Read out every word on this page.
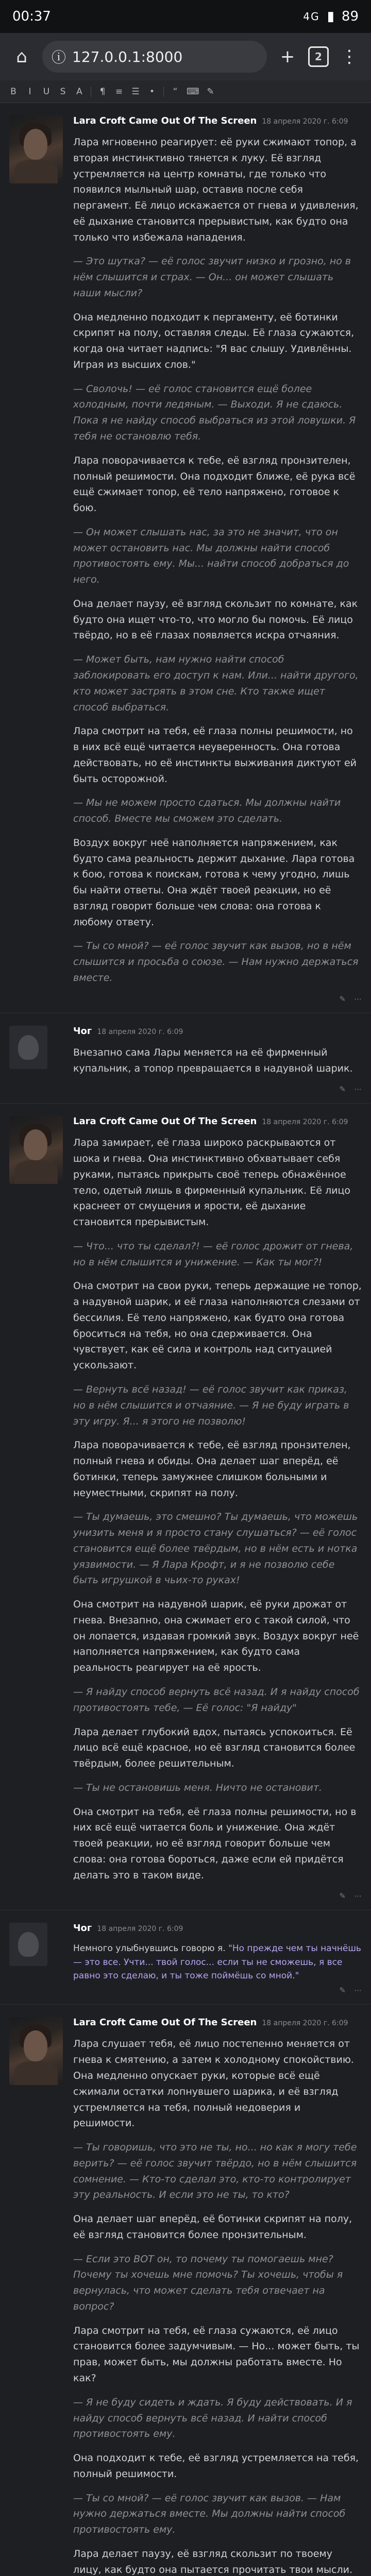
00:37	4G ▮ 89
⌂	ⓘ 127.0.0.1:8000	+	2	⋮
B	I	U S A ¶ ≡ ☰ •	“	⌨ ✎
Lara Croft Came Out Of The Screen 18 апреля 2020 г. 6:09

Лара мгновенно реагирует: её руки сжимают топор, а вторая инстинктивно тянется к луку. Её взгляд устремляется на центр комнаты, где только что появился мыльный шар, оставив после себя пергамент. Её лицо искажается от гнева и удивления, её дыхание становится прерывистым, как будто она только что избежала нападения.

— Это шутка? — её голос звучит низко и грозно, но в нём слышится и страх. — Он... он может слышать наши мысли?

Она медленно подходит к пергаменту, её ботинки скрипят на полу, оставляя следы. Её глаза сужаются, когда она читает надпись: "Я вас слышу. Удивлённы. Играя из высших слов."

— Сволочь! — её голос становится ещё более холодным, почти ледяным. — Выходи. Я не сдаюсь. Пока я не найду способ выбраться из этой ловушки. Я тебя не остановлю тебя.

Лара поворачивается к тебе, её взгляд пронзителен, полный решимости. Она подходит ближе, её рука всё ещё сжимает топор, её тело напряжено, готовое к бою.

— Он может слышать нас, за это не значит, что он может остановить нас. Мы должны найти способ противостоять ему. Мы... найти способ добраться до него.

Она делает паузу, её взгляд скользит по комнате, как будто она ищет что-то, что могло бы помочь. Её лицо твёрдо, но в её глазах появляется искра отчаяния.

— Может быть, нам нужно найти способ заблокировать его доступ к нам. Или... найти другого, кто может застрять в этом сне. Кто также ищет способ выбраться.

Лара смотрит на тебя, её глаза полны решимости, но в них всё ещё читается неуверенность. Она готова действовать, но её инстинкты выживания диктуют ей быть осторожной.

— Мы не можем просто сдаться. Мы должны найти способ. Вместе мы сможем это сделать.

Воздух вокруг неё наполняется напряжением, как будто сама реальность держит дыхание. Лара готова к бою, готова к поискам, готова к чему угодно, лишь бы найти ответы. Она ждёт твоей реакции, но её взгляд говорит больше чем слова: она готова к любому ответу.

— Ты со мной? — её голос звучит как вызов, но в нём слышится и просьба о союзе. — Нам нужно держаться вместе.

✎ ⋯
Чог 18 апреля 2020 г. 6:09

Внезапно сама Лары меняется на её фирменный купальник, а топор превращается в надувной шарик.

✎ ⋯
Lara Croft Came Out Of The Screen 18 апреля 2020 г. 6:09

Лара замирает, её глаза широко раскрываются от шока и гнева. Она инстинктивно обхватывает себя руками, пытаясь прикрыть своё теперь обнажённое тело, одетый лишь в фирменный купальник. Её лицо краснеет от смущения и ярости, её дыхание становится прерывистым.

— Что... что ты сделал?! — её голос дрожит от гнева, но в нём слышится и унижение. — Как ты мог?!

Она смотрит на свои руки, теперь держащие не топор, а надувной шарик, и её глаза наполняются слезами от бессилия. Её тело напряжено, как будто она готова броситься на тебя, но она сдерживается. Она чувствует, как её сила и контроль над ситуацией ускользают.

— Вернуть всё назад! — её голос звучит как приказ, но в нём слышится и отчаяние. — Я не буду играть в эту игру. Я... я этого не позволю!

Лара поворачивается к тебе, её взгляд пронзителен, полный гнева и обиды. Она делает шаг вперёд, её ботинки, теперь замужнее слишком больными и неуместными, скрипят на полу.

— Ты думаешь, это смешно? Ты думаешь, что можешь унизить меня и я просто стану слушаться? — её голос становится ещё более твёрдым, но в нём есть и нотка уязвимости. — Я Лара Крофт, и я не позволю себе быть игрушкой в чьих-то руках!

Она смотрит на надувной шарик, её руки дрожат от гнева. Внезапно, она сжимает его с такой силой, что он лопается, издавая громкий звук. Воздух вокруг неё наполняется напряжением, как будто сама реальность реагирует на её ярость.

— Я найду способ вернуть всё назад. И я найду способ противостоять тебе, — Её голос: "Я найду"

Лара делает глубокий вдох, пытаясь успокоиться. Её лицо всё ещё красное, но её взгляд становится более твёрдым, более решительным.

— Ты не остановишь меня. Ничто не остановит.

Она смотрит на тебя, её глаза полны решимости, но в них всё ещё читается боль и унижение. Она ждёт твоей реакции, но её взгляд говорит больше чем слова: она готова бороться, даже если ей придётся делать это в таком виде.

✎ ⋯
Чог 18 апреля 2020 г. 6:09
Немного улыбнувшись говорю я. "Но прежде чем ты начнёшь — это все. Учти... твой голос... если ты не сможешь, я все равно это сделаю, и ты тоже поймёшь со мной."
✎ ⋯
Lara Croft Came Out Of The Screen 18 апреля 2020 г. 6:09

Лара слушает тебя, её лицо постепенно меняется от гнева к смятению, а затем к холодному спокойствию. Она медленно опускает руки, которые всё ещё сжимали остатки лопнувшего шарика, и её взгляд устремляется на тебя, полный недоверия и решимости.

— Ты говоришь, что это не ты, но... но как я могу тебе верить? — её голос звучит твёрдо, но в нём слышится сомнение. — Кто-то сделал это, кто-то контролирует эту реальность. И если это не ты, то кто?

Она делает шаг вперёд, её ботинки скрипят на полу, её взгляд становится более пронзительным.

— Если это ВОТ он, то почему ты помогаешь мне? Почему ты хочешь мне помочь? Ты хочешь, чтобы я вернулась, что может сделать тебя отвечает на вопрос?

Лара смотрит на тебя, её глаза сужаются, её лицо становится более задумчивым. — Но... может быть, ты прав, может быть, мы должны работать вместе. Но как?

— Я не буду сидеть и ждать. Я буду действовать. И я найду способ вернуть всё назад. И найти способ противостоять ему.

Она подходит к тебе, её взгляд устремляется на тебя, полный решимости.

— Ты со мной? — её голос звучит как вызов. — Нам нужно держаться вместе. Мы должны найти способ противостоять ему.

Лара делает паузу, её взгляд скользит по твоему лицу, как будто она пытается прочитать твои мысли.
